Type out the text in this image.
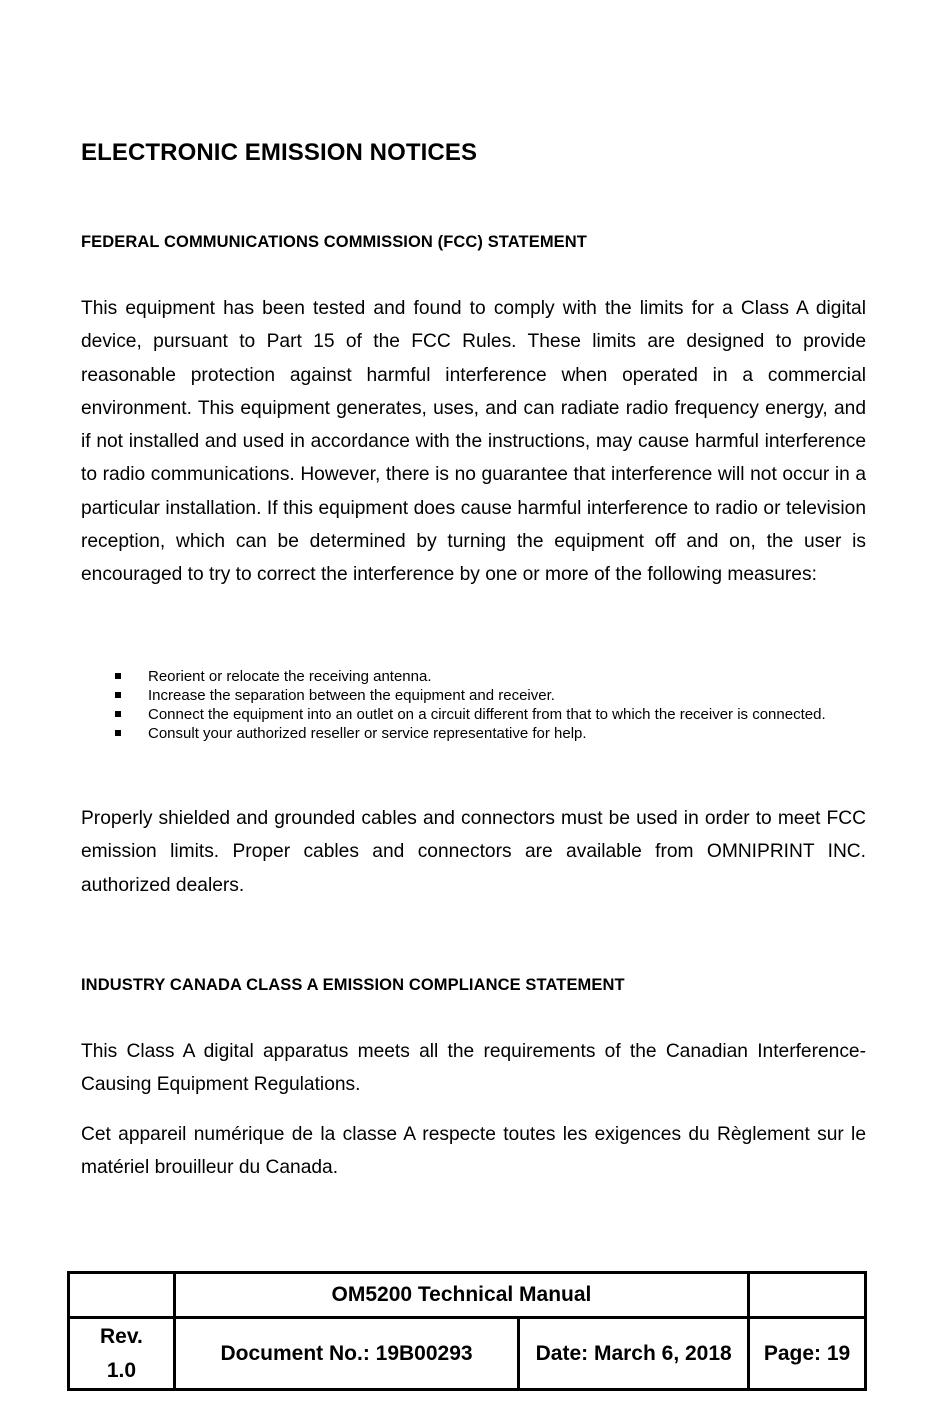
ELECTRONIC EMISSION NOTICES
FEDERAL COMMUNICATIONS COMMISSION (FCC) STATEMENT

This equipment has been tested and found to comply with the limits for a Class A digital device, pursuant to Part 15 of the FCC Rules. These limits are designed to provide reasonable protection against harmful interference when operated in a commercial environment. This equipment generates, uses, and can radiate radio frequency energy, and if not installed and used in accordance with the instructions, may cause harmful interference to radio communications. However, there is no guarantee that interference will not occur in a particular installation. If this equipment does cause harmful interference to radio or television reception, which can be determined by turning the equipment off and on, the user is encouraged to try to correct the interference by one or more of the following measures:

Reorient or relocate the receiving antenna.
Increase the separation between the equipment and receiver.
Connect the equipment into an outlet on a circuit different from that to which the receiver is connected.
Consult your authorized reseller or service representative for help.

Properly shielded and grounded cables and connectors must be used in order to meet FCC emission limits. Proper cables and connectors are available from OMNIPRINT INC. authorized dealers.

INDUSTRY CANADA CLASS A EMISSION COMPLIANCE STATEMENT

This Class A digital apparatus meets all the requirements of the Canadian Interference-Causing Equipment Regulations.

Cet appareil numérique de la classe A respecte toutes les exigences du Règlement sur le matériel brouilleur du Canada.

	OM5200 Technical Manual		

Rev.
1.0	Document No.: 19B00293	Date: March 6, 2018	Page: 19
